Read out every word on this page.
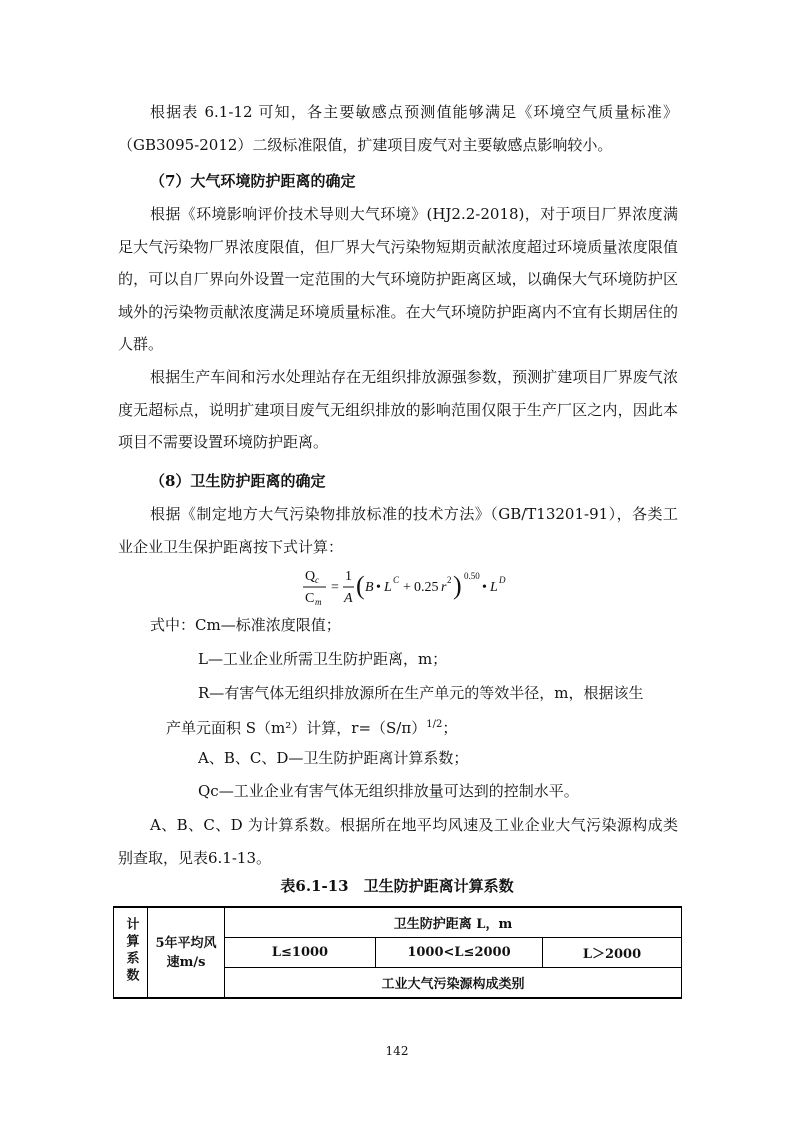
根据表 6.1-12 可知，各主要敏感点预测值能够满足《环境空气质量标准》（GB3095-2012）二级标准限值，扩建项目废气对主要敏感点影响较小。

（7）大气环境防护距离的确定

根据《环境影响评价技术导则大气环境》(HJ2.2-2018)，对于项目厂界浓度满足大气污染物厂界浓度限值，但厂界大气污染物短期贡献浓度超过环境质量浓度限值的，可以自厂界向外设置一定范围的大气环境防护距离区域，以确保大气环境防护区域外的污染物贡献浓度满足环境质量标准。在大气环境防护距离内不宜有长期居住的人群。

根据生产车间和污水处理站存在无组织排放源强参数，预测扩建项目厂界废气浓度无超标点，说明扩建项目废气无组织排放的影响范围仅限于生产厂区之内，因此本项目不需要设置环境防护距离。

（8）卫生防护距离的确定

根据《制定地方大气污染物排放标准的技术方法》（GB/T13201-91），各类工业企业卫生保护距离按下式计算：

Q c
C m
=
1
A ( B • L C + 0.25 r 2 ) 0.50
• L D

式中：Cm—标准浓度限值；

L—工业企业所需卫生防护距离，m；

R—有害气体无组织排放源所在生产单元的等效半径，m，根据该生

产单元面积 S（m²）计算，$r=(S/\pi)^{1/2}$；

A、B、C、D—卫生防护距离计算系数；

Qc—工业企业有害气体无组织排放量可达到的控制水平。

A、B、C、D 为计算系数。根据所在地平均风速及工业企业大气污染源构成类别查取，见表6.1-13。

表6.1-13　卫生防护距离计算系数

计算系数	5年平均风速m/s	卫生防护距离 L，m		
		L≤1000	1000<L≤2000	L＞2000
		工业大气污染源构成类别		

142
